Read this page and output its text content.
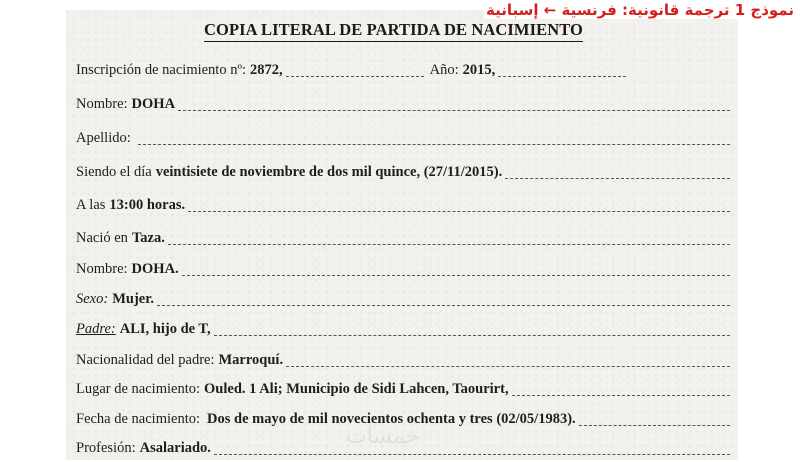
نموذج 1 ترجمة قانونية: فرنسية ← إسبانية
COPIA LITERAL DE PARTIDA DE NACIMIENTO
Inscripción de nacimiento nº: 2872,	Año: 2015,
Nombre: DOHA
Apellido:
Siendo el día veintisiete de noviembre de dos mil quince, (27/11/2015).
A las 13:00 horas.
Nació en Taza.
Nombre: DOHA.
Sexo: Mujer.
Padre: ALI, hijo de T,
Nacionalidad del padre: Marroquí.
Lugar de nacimiento: Ouled. 1 Ali; Municipio de Sidi Lahcen, Taourirt,
Fecha de nacimiento: Dos de mayo de mil novecientos ochenta y tres (02/05/1983).
Profesión: Asalariado.	خمسات
